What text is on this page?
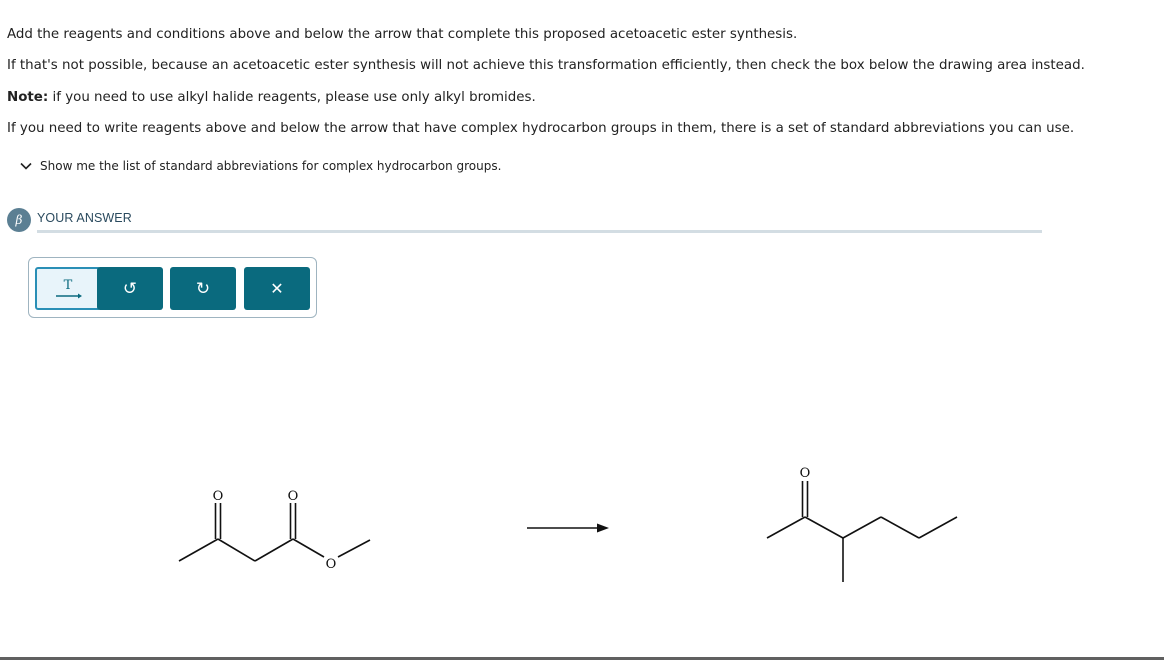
Add the reagents and conditions above and below the arrow that complete this proposed acetoacetic ester synthesis.
If that's not possible, because an acetoacetic ester synthesis will not achieve this transformation efficiently, then check the box below the drawing area instead.
Note: if you need to use alkyl halide reagents, please use only alkyl bromides.
If you need to write reagents above and below the arrow that have complex hydrocarbon groups in them, there is a set of standard abbreviations you can use.
Show me the list of standard abbreviations for complex hydrocarbon groups.
β	YOUR ANSWER
T	↺	↻	✕
O	O
O
O
